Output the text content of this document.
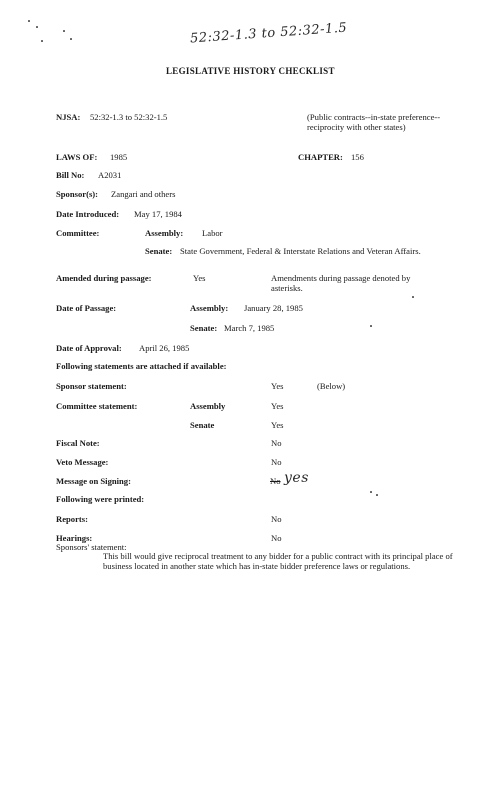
52:32-1.3 to 52:32-1.5
LEGISLATIVE HISTORY CHECKLIST
NJSA: 52:32-1.3 to 52:32-1.5	(Public contracts--in-state preference--reciprocity with other states)
LAWS OF: 1985	CHAPTER: 156
Bill No: A2031
Sponsor(s): Zangari and others
Date Introduced: May 17, 1984
Committee:	Assembly: Labor
Senate: State Government, Federal & Interstate Relations and Veteran Affairs.
Amended during passage:	Yes	Amendments during passage denoted by asterisks.
Date of Passage:	Assembly: January 28, 1985
Senate: March 7, 1985
Date of Approval: April 26, 1985
Following statements are attached if available:
Sponsor statement:	Yes	(Below)
Committee statement:	Assembly	Yes
Senate	Yes
Fiscal Note:	No
Veto Message:	No
Message on Signing:	No yes
Following were printed:
Reports:	No
Hearings:	No
Sponsors' statement:
This bill would give reciprocal treatment to any bidder for a public contract with its principal place of business located in another state which has in-state bidder preference laws or regulations.
